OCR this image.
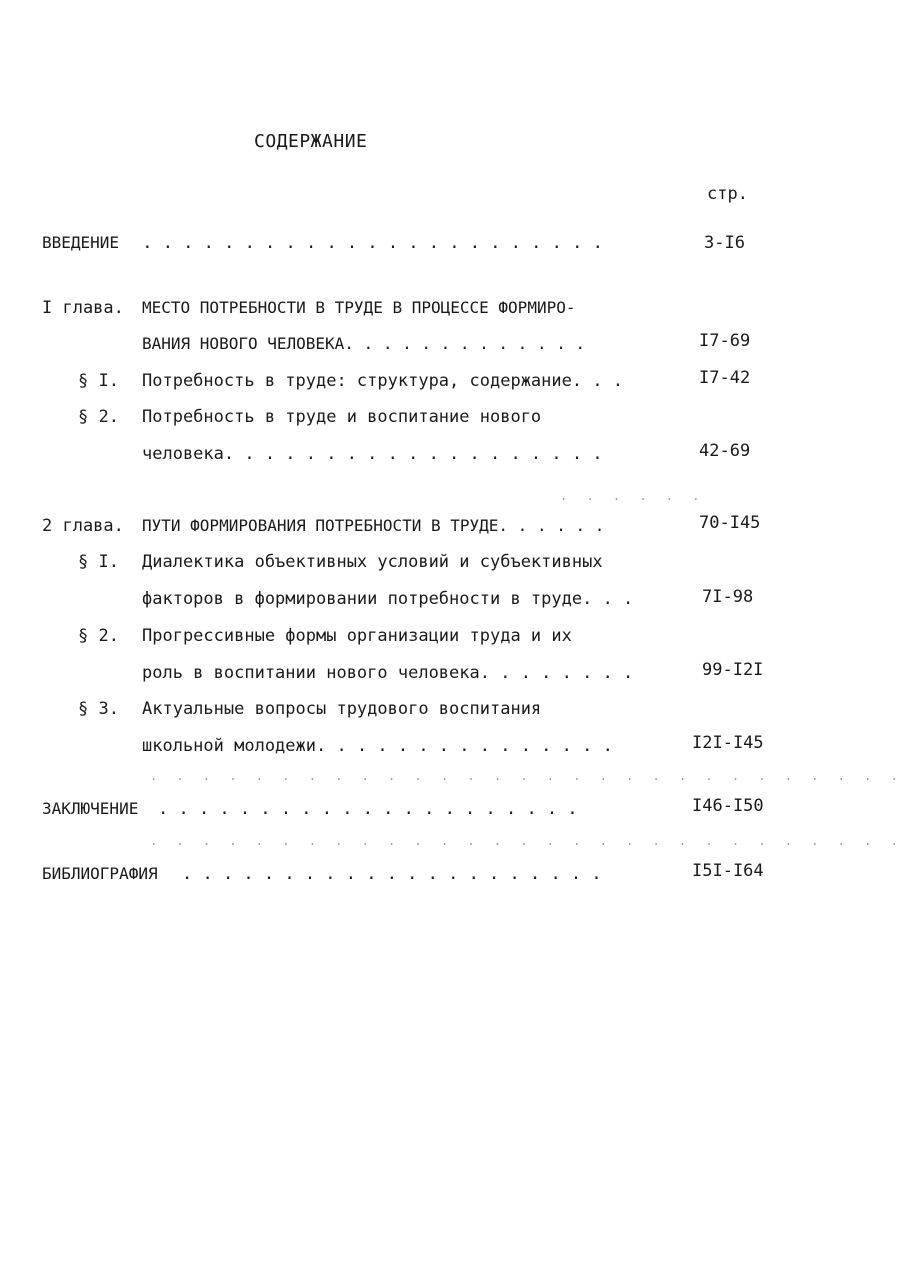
СОДЕРЖАНИЕ
стр.
ВВЕДЕНИЕ . . . . . . . . . . . . . . . . . . . . . . .	3-I6
I глава. МЕСТО ПОТРЕБНОСТИ В ТРУДЕ В ПРОЦЕССЕ ФОРМИРО-
ВАНИЯ НОВОГО ЧЕЛОВЕКА. . . . . . . . . . . . .	I7-69
§ I. Потребность в труде: структура, содержание. . .	I7-42
§ 2. Потребность в труде и воспитание нового
человека. . . . . . . . . . . . . . . . . . .	42-69
. . . . . .
2 глава. ПУТИ ФОРМИРОВАНИЯ ПОТРЕБНОСТИ В ТРУДЕ. . . . . .	70-I45
§ I. Диалектика объективных условий и субъективных
факторов в формировании потребности в труде. . .	7I-98
§ 2. Прогрессивные формы организации труда и их
роль в воспитании нового человека. . . . . . . .	99-I2I
§ 3. Актуальные вопросы трудового воспитания
школьной молодежи. . . . . . . . . . . . . . .	I2I-I45
. . . . . . . . . . . . . . . . . . . . . . . . . . . . .
ЗАКЛЮЧЕНИЕ . . . . . . . . . . . . . . . . . . . . .	I46-I50
. . . . . . . . . . . . . . . . . . . . . . . . . . . . .
БИБЛИОГРАФИЯ . . . . . . . . . . . . . . . . . . . . .	I5I-I64
